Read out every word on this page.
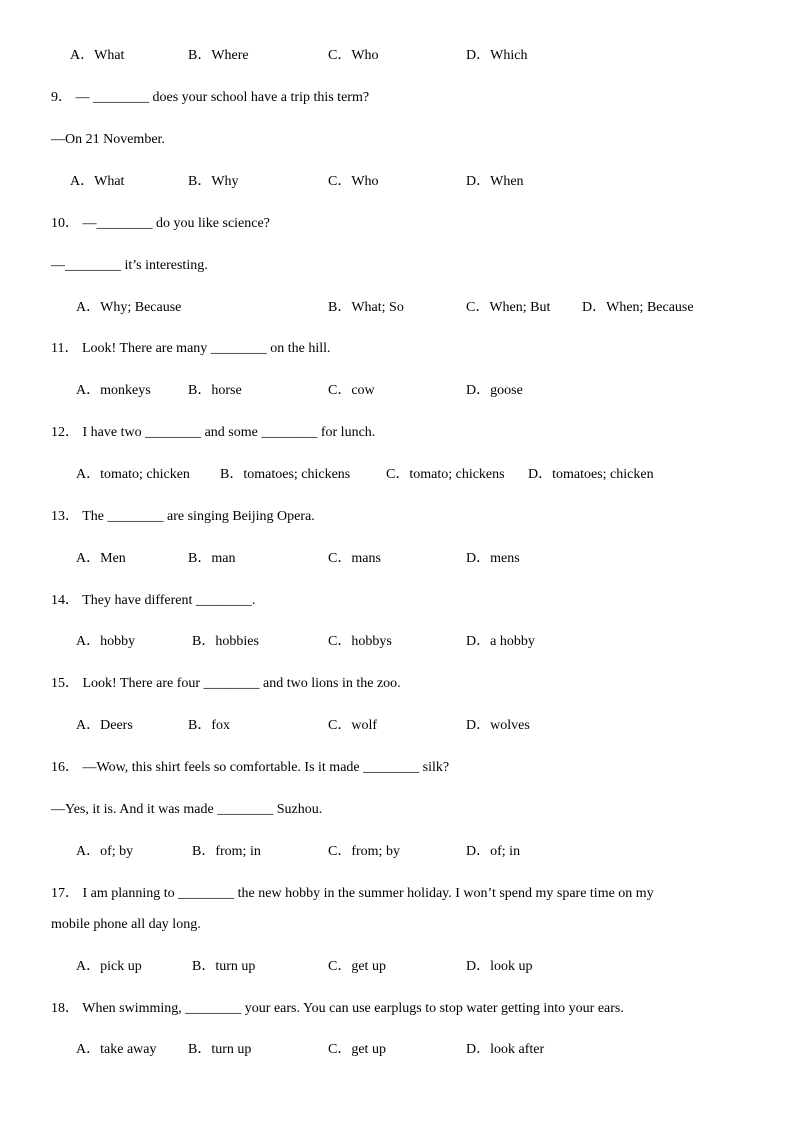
A．What	B．Where	C．Who	D．Which
9． — ________ does your school have a trip this term?
—On 21 November.
A．What	B．Why	C．Who	D．When
10． —________ do you like science?
—________ it’s interesting.
A．Why; Because	B．What; So	C．When; But D．When; Because
11． Look! There are many ________ on the hill.
A．monkeys	B．horse	C．cow	D．goose
12． I have two ________ and some ________ for lunch.
A．tomato; chicken B．tomatoes; chickens	C．tomato; chickens D．tomatoes; chicken
13． The ________ are singing Beijing Opera.
A．Men	B．man	C．mans	D．mens
14． They have different ________.
A．hobby	B．hobbies	C．hobbys	D．a hobby
15． Look! There are four ________ and two lions in the zoo.
A．Deers	B．fox	C．wolf	D．wolves
16． —Wow, this shirt feels so comfortable. Is it made ________ silk?
—Yes, it is. And it was made ________ Suzhou.
A．of; by	B．from; in	C．from; by	D．of; in
17． I am planning to ________ the new hobby in the summer holiday. I won’t spend my spare time on my
mobile phone all day long.
A．pick up	B．turn up	C．get up	D．look up
18． When swimming, ________ your ears. You can use earplugs to stop water getting into your ears.
A．take away B．turn up	C．get up	D．look after
